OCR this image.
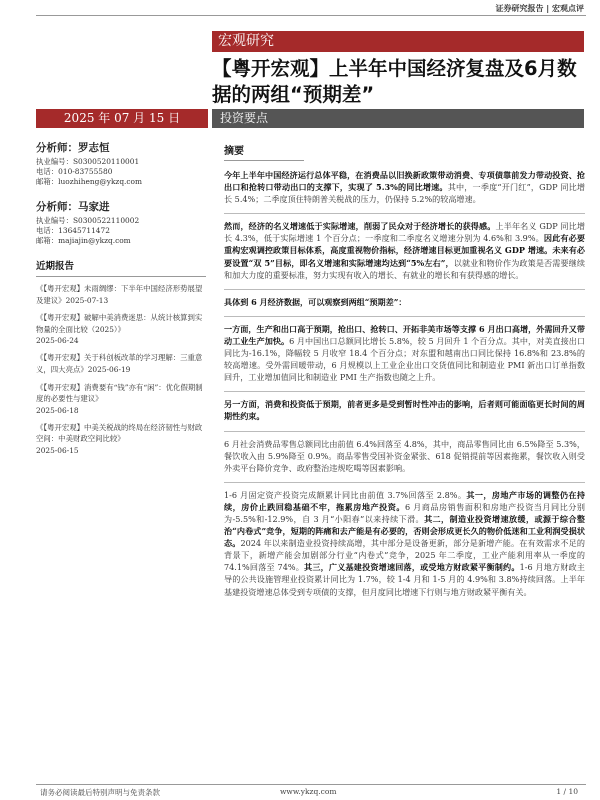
证券研究报告 | 宏观点评
宏观研究
【粤开宏观】上半年中国经济复盘及6月数据的两组“预期差”
2025 年 07 月 15 日	投资要点
分析师：罗志恒
执业编号：S0300520110001
电话：010-83755580
邮箱：luozhiheng@ykzq.com
分析师：马家进
执业编号：S0300522110002
电话：13645711472
邮箱：majiajin@ykzq.com
近期报告
《【粤开宏观】未雨绸缪：下半年中国经济形势展望及建议》2025-07-13
《【粤开宏观】破解中美消费迷思：从统计核算到实物量的全面比较（2025）》
2025-06-24
《【粤开宏观】关于科创板改革的学习理解：三重意义，四大亮点》2025-06-19
《【粤开宏观】消费要有“钱”亦有“闲”：优化假期制度的必要性与建议》
2025-06-18
《【粤开宏观】中美关税战的终局在经济韧性与财政空间：中美财政空间比较》
2025-06-15
摘要

今年上半年中国经济运行总体平稳，在消费品以旧换新政策带动消费、专项债靠前发力带动投资、抢出口和抢转口带动出口的支撑下，实现了 5.3%的同比增速。其中，一季度“开门红”，GDP 同比增长 5.4%；二季度顶住特朗普关税战的压力，仍保持 5.2%的较高增速。

然而，经济的名义增速低于实际增速，削弱了民众对于经济增长的获得感。上半年名义 GDP 同比增长 4.3%，低于实际增速 1 个百分点；一季度和二季度名义增速分别为 4.6%和 3.9%。因此有必要重构宏观调控政策目标体系，高度重视物价指标，经济增速目标更加重视名义 GDP 增速。未来有必要设置“双 5”目标，即名义增速和实际增速均达到“5%左右”，以就业和物价作为政策是否需要继续和加大力度的重要标准，努力实现有收入的增长、有就业的增长和有获得感的增长。

具体到 6 月经济数据，可以观察到两组“预期差”：

一方面，生产和出口高于预期，抢出口、抢转口、开拓非美市场等支撑 6 月出口高增，外需回升又带动工业生产加快。6 月中国出口总额同比增长 5.8%，较 5 月回升 1 个百分点。其中，对美直接出口同比为-16.1%，降幅较 5 月收窄 18.4 个百分点；对东盟和越南出口同比保持 16.8%和 23.8%的较高增速。受外需回暖带动，6 月规模以上工业企业出口交货值同比和制造业 PMI 新出口订单指数回升，工业增加值同比和制造业 PMI 生产指数也随之上升。

另一方面，消费和投资低于预期，前者更多是受到暂时性冲击的影响，后者则可能面临更长时间的周期性约束。

6 月社会消费品零售总额同比由前值 6.4%回落至 4.8%，其中，商品零售同比由 6.5%降至 5.3%，餐饮收入由 5.9%降至 0.9%。商品零售受国补资金紧张、618 促销提前等因素拖累，餐饮收入则受外卖平台降价竞争、政府整治违规吃喝等因素影响。

1-6 月固定资产投资完成额累计同比由前值 3.7%回落至 2.8%。其一，房地产市场的调整仍在持续，房价止跌回稳基础不牢，拖累房地产投资。6 月商品房销售面积和房地产投资当月同比分别为-5.5%和-12.9%，自 3 月“小阳春”以来持续下滑。其二，制造业投资增速放缓，或源于综合整治“内卷式”竞争，短期的阵痛和去产能是有必要的，否则会形成更长久的物价低迷和工业利润受损状态。2024 年以来制造业投资持续高增，其中部分是设备更新，部分是新增产能。在有效需求不足的背景下，新增产能会加剧部分行业“内卷式”竞争，2025 年二季度，工业产能利用率从一季度的 74.1%回落至 74%。其三，广义基建投资增速回落，或受地方财政紧平衡制约。1-6 月地方财政主导的公共设施管理业投资累计同比为 1.7%，较 1-4 月和 1-5 月的 4.9%和 3.8%持续回落。上半年基建投资增速总体受到专项债的支撑，但月度同比增速下行则与地方财政紧平衡有关。

请务必阅读最后特别声明与免责条款	www.ykzq.com	1 / 10
